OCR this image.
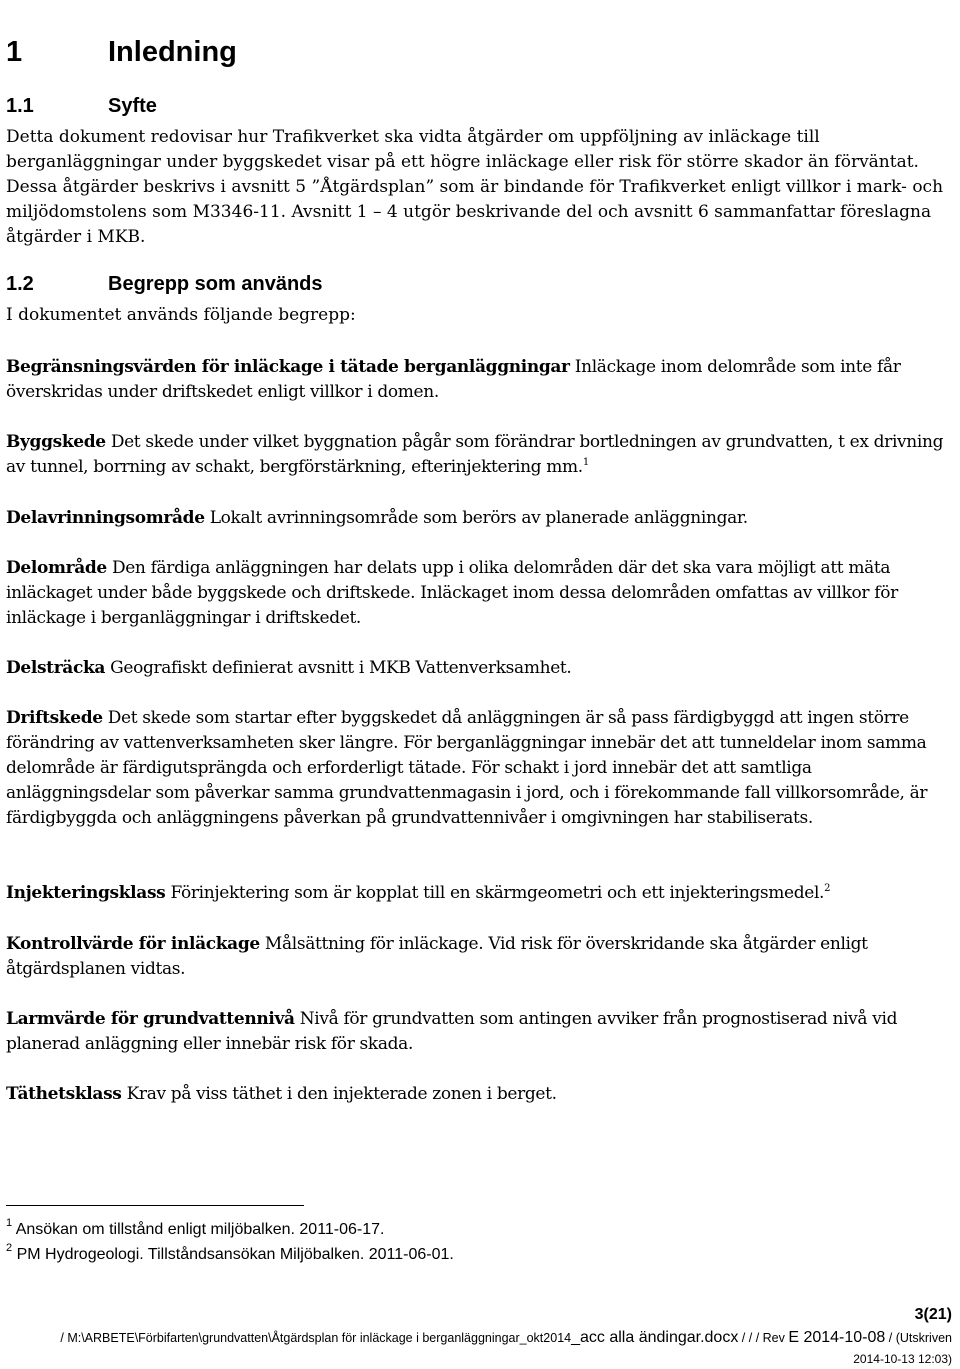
1	Inledning
1.1	Syfte

Detta dokument redovisar hur Trafikverket ska vidta åtgärder om uppföljning av inläckage till berganläggningar under byggskedet visar på ett högre inläckage eller risk för större skador än förväntat. Dessa åtgärder beskrivs i avsnitt 5 ”Åtgärdsplan” som är bindande för Trafikverket enligt villkor i mark- och miljödomstolens som M3346-11. Avsnitt 1 – 4 utgör beskrivande del och avsnitt 6 sammanfattar föreslagna åtgärder i MKB.

1.2	Begrepp som används

I dokumentet används följande begrepp:

Begränsningsvärden för inläckage i tätade berganläggningar Inläckage inom delområde som inte får överskridas under driftskedet enligt villkor i domen.

Byggskede Det skede under vilket byggnation pågår som förändrar bortledningen av grundvatten, t ex drivning av tunnel, borrning av schakt, bergförstärkning, efterinjektering mm.$^1$

Delavrinningsområde Lokalt avrinningsområde som berörs av planerade anläggningar.

Delområde Den färdiga anläggningen har delats upp i olika delområden där det ska vara möjligt att mäta inläckaget under både byggskede och driftskede. Inläckaget inom dessa delområden omfattas av villkor för inläckage i berganläggningar i driftskedet.

Delsträcka Geografiskt definierat avsnitt i MKB Vattenverksamhet.

Driftskede Det skede som startar efter byggskedet då anläggningen är så pass färdigbyggd att ingen större förändring av vattenverksamheten sker längre. För berganläggningar innebär det att tunneldelar inom samma delområde är färdigutsprängda och erforderligt tätade. För schakt i jord innebär det att samtliga anläggningsdelar som påverkar samma grundvattenmagasin i jord, och i förekommande fall villkorsområde, är färdigbyggda och anläggningens påverkan på grundvattennivåer i omgivningen har stabiliserats.

Injekteringsklass Förinjektering som är kopplat till en skärmgeometri och ett injekteringsmedel.$^2$

Kontrollvärde för inläckage Målsättning för inläckage. Vid risk för överskridande ska åtgärder enligt åtgärdsplanen vidtas.

Larmvärde för grundvattennivå Nivå för grundvatten som antingen avviker från prognostiserad nivå vid planerad anläggning eller innebär risk för skada.

Täthetsklass Krav på viss täthet i den injekterade zonen i berget.

$^1$ Ansökan om tillstånd enligt miljöbalken. 2011-06-17.

$^2$ PM Hydrogeologi. Tillståndsansökan Miljöbalken. 2011-06-01.

3(21)
/ M:\ARBETE\Förbifarten\grundvatten\Åtgärdsplan för inläckage i berganläggningar_okt2014_acc alla ändingar.docx / / / Rev E 2014-10-08 / (Utskriven
2014-10-13 12:03)
